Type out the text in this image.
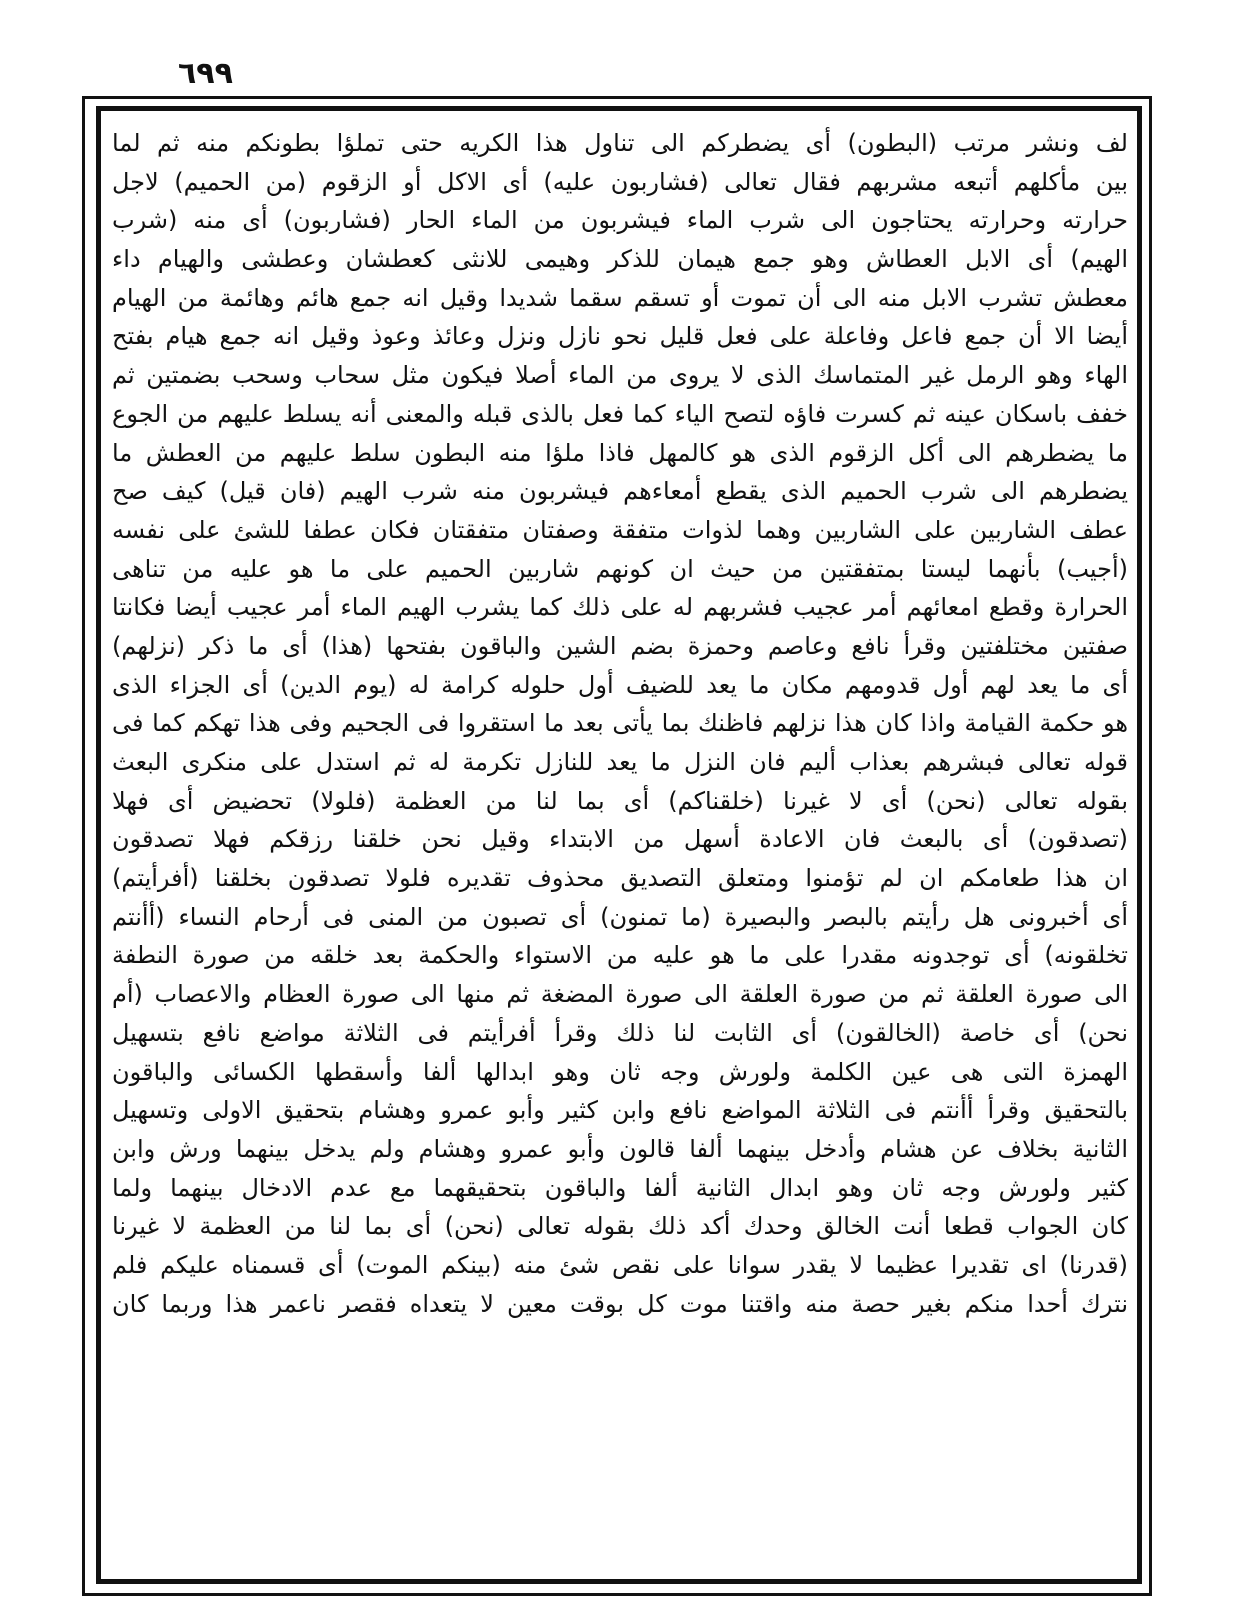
٦٩٩
لف ونشر مرتب (البطون) أى يضطركم الى تناول هذا الكريه حتى تملؤا بطونكم منه ثم لما
بين مأكلهم أتبعه مشربهم فقال تعالى (فشاربون عليه) أى الاكل أو الزقوم (من الحميم) لاجل
حرارته وحرارته يحتاجون الى شرب الماء فيشربون من الماء الحار (فشاربون) أى منه (شرب
الهيم) أى الابل العطاش وهو جمع هيمان للذكر وهيمى للانثى كعطشان وعطشى والهيام داء
معطش تشرب الابل منه الى أن تموت أو تسقم سقما شديدا وقيل انه جمع هائم وهائمة من الهيام
أيضا الا أن جمع فاعل وفاعلة على فعل قليل نحو نازل ونزل وعائذ وعوذ وقيل انه جمع هيام بفتح
الهاء وهو الرمل غير المتماسك الذى لا يروى من الماء أصلا فيكون مثل سحاب وسحب بضمتين ثم
خفف باسكان عينه ثم كسرت فاؤه لتصح الياء كما فعل بالذى قبله والمعنى أنه يسلط عليهم من الجوع
ما يضطرهم الى أكل الزقوم الذى هو كالمهل فاذا ملؤا منه البطون سلط عليهم من العطش ما
يضطرهم الى شرب الحميم الذى يقطع أمعاءهم فيشربون منه شرب الهيم (فان قيل) كيف صح
عطف الشاربين على الشاربين وهما لذوات متفقة وصفتان متفقتان فكان عطفا للشئ على نفسه
(أجيب) بأنهما ليستا بمتفقتين من حيث ان كونهم شاربين الحميم على ما هو عليه من تناهى
الحرارة وقطع امعائهم أمر عجيب فشربهم له على ذلك كما يشرب الهيم الماء أمر عجيب أيضا فكانتا
صفتين مختلفتين وقرأ نافع وعاصم وحمزة بضم الشين والباقون بفتحها (هذا) أى ما ذكر (نزلهم)
أى ما يعد لهم أول قدومهم مكان ما يعد للضيف أول حلوله كرامة له (يوم الدين) أى الجزاء الذى
هو حكمة القيامة واذا كان هذا نزلهم فاظنك بما يأتى بعد ما استقروا فى الجحيم وفى هذا تهكم كما فى
قوله تعالى فبشرهم بعذاب أليم فان النزل ما يعد للنازل تكرمة له ثم استدل على منكرى البعث
بقوله تعالى (نحن) أى لا غيرنا (خلقناكم) أى بما لنا من العظمة (فلولا) تحضيض أى فهلا
(تصدقون) أى بالبعث فان الاعادة أسهل من الابتداء وقيل نحن خلقنا رزقكم فهلا تصدقون
ان هذا طعامكم ان لم تؤمنوا ومتعلق التصديق محذوف تقديره فلولا تصدقون بخلقنا (أفرأيتم)
أى أخبرونى هل رأيتم بالبصر والبصيرة (ما تمنون) أى تصبون من المنى فى أرحام النساء (أأنتم
تخلقونه) أى توجدونه مقدرا على ما هو عليه من الاستواء والحكمة بعد خلقه من صورة النطفة
الى صورة العلقة ثم من صورة العلقة الى صورة المضغة ثم منها الى صورة العظام والاعصاب (أم
نحن) أى خاصة (الخالقون) أى الثابت لنا ذلك وقرأ أفرأيتم فى الثلاثة مواضع نافع بتسهيل
الهمزة التى هى عين الكلمة ولورش وجه ثان وهو ابدالها ألفا وأسقطها الكسائى والباقون
بالتحقيق وقرأ أأنتم فى الثلاثة المواضع نافع وابن كثير وأبو عمرو وهشام بتحقيق الاولى وتسهيل
الثانية بخلاف عن هشام وأدخل بينهما ألفا قالون وأبو عمرو وهشام ولم يدخل بينهما ورش وابن
كثير ولورش وجه ثان وهو ابدال الثانية ألفا والباقون بتحقيقهما مع عدم الادخال بينهما ولما
كان الجواب قطعا أنت الخالق وحدك أكد ذلك بقوله تعالى (نحن) أى بما لنا من العظمة لا غيرنا
(قدرنا) اى تقديرا عظيما لا يقدر سوانا على نقص شئ منه (بينكم الموت) أى قسمناه عليكم فلم
نترك أحدا منكم بغير حصة منه واقتنا موت كل بوقت معين لا يتعداه فقصر ناعمر هذا وربما كان
